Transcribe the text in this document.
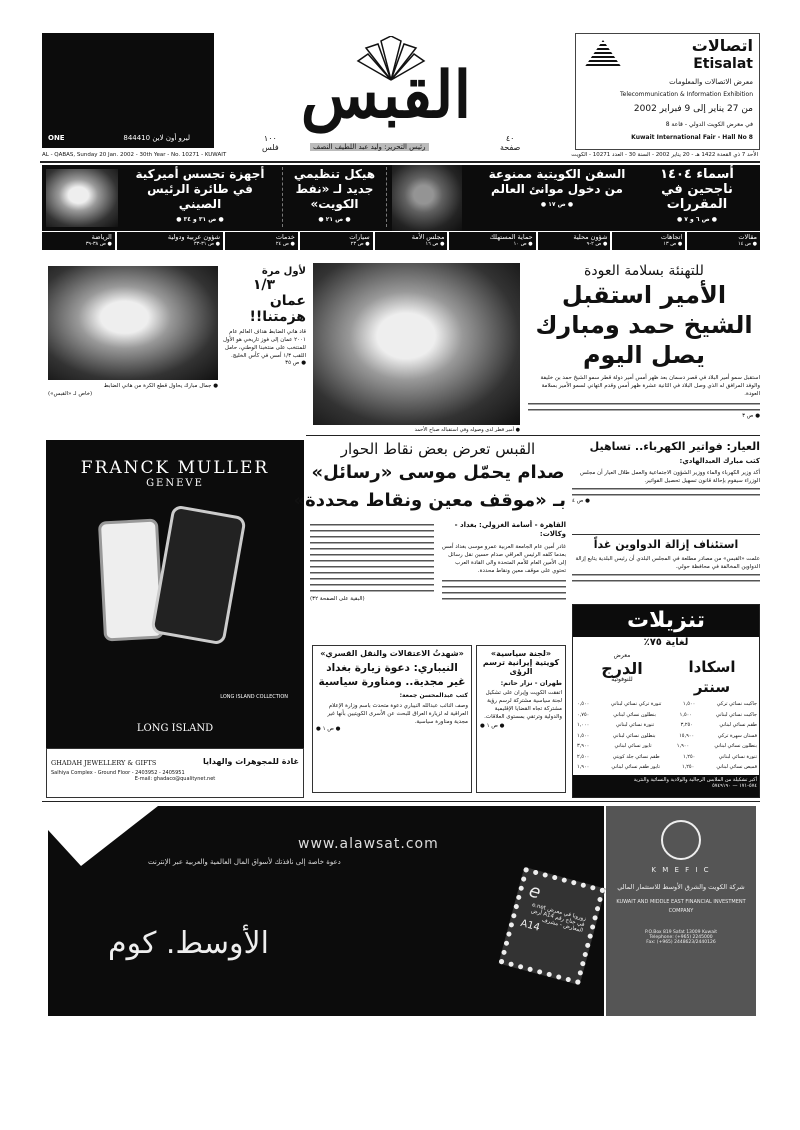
ONE	ليرو أون لاين 844410
القبس
١٠٠
فلس
٤٠
صفحة
رئيس التحرير: وليد عبد اللطيف النصف
اتصالات
Etisalat
معرض الاتصالات والمعلومات
Telecommunication & Information Exhibition
من 27 يناير إلى 9 فبراير 2002
في معرض الكويت الدولي - قاعة 8
Kuwait International Fair - Hall No 8
AL - QABAS, Sunday 20 Jan. 2002 - 30th Year - No. 10271 - KUWAIT	الأحد 7 ذي القعدة 1422 هـ - 20 يناير 2002 - السنة 30 - العدد 10271 - الكويت
أسماء ١٤٠٤ ناجحين في المقررات
● ص ٦ و ٧ ●
السفن الكويتية ممنوعة من دخول موانئ العالم
● ص ١٧ ●
هيكل تنظيمي جديد لـ «نفط الكويت»
● ص ٢١ ●
أجهزة تجسس أميركية في طائرة الرئيس الصيني
● ص ٣١ و ٣٤ ●
مقالات
● ص ١٤
اتجاهات
● ص ١٣
شؤون محلية
● ص ٢-٩
حماية المستهلك
● ص ١٠
مجلس الأمة
● ص ١٦
سيارات
● ص ٢٣
خدمات
● ص ٢٤
شؤون عربية ودولية
● ص ٣١-٣٣
الرياضة
● ص ٣٨-٣٩
● جمال مبارك يحاول قطع الكرة من هاني الضابط
(خاص لـ «القبس»)
لأول مرة
١/٣
عمان هزمتنا!!
قاد هاني الضابط هداف العالم عام ٢٠٠١ عمان إلى فوز تاريخي هو الأول للمنتخب على منتخبنا الوطني، حامل اللقب ١/٣ أمس في كأس الخليج.
● ص ٣٥
● أمير قطر لدى وصوله وفي استقباله صباح الأحمد
للتهنئة بسلامة العودة
الأمير استقبل الشيخ حمد ومبارك يصل اليوم
استقبل سمو أمير البلاد في قصر دسمان بعد ظهر أمس أمير دولة قطر سمو الشيخ حمد بن خليفة والوفد المرافق له الذي وصل البلاد في الثانية عشرة ظهر أمس وقدم التهاني لسمو الأمير بسلامة العودة.
● ص ٣
FRANCK MULLER
GENEVE
LONG ISLAND COLLECTION
LONG ISLAND
GHADAH JEWELLERY & GIFTS	غادة للمجوهرات والهدايا
Salhiya Complex - Ground Floor - 2403952 - 2405951
E-mail: ghadaco@qualitynet.net
القبس تعرض بعض نقاط الحوار
صدام يحمّل موسى «رسائل»
بـ «موقف معين ونقاط محددة»
القاهرة - أسامة الغزولي: بغداد - وكالات:
غادر أمين عام الجامعة العربية عمرو موسى بغداد أمس بعدما كلفه الرئيس العراقي صدام حسين نقل رسائل إلى الأمين العام للأمم المتحدة والى القادة العرب تحتوي على موقف معين ونقاط محددة.
(البقية على الصفحة ٣٢)
«شهدتُ الاعتقالات والنقل القسري»
النيباري: دعوة زيارة بغداد غير مجدية.. ومناورة سياسية
كتب عبدالمحسن جمعة:
وصف النائب عبدالله النيباري دعوة متحدث باسم وزارة الإعلام العراقية له لزيارة العراق للبحث عن الأسرى الكويتيين بأنها غير مجدية ومناورة سياسية.
● ص ١ ●
«لجنة سياسية» كويتية إيرانية ترسم الرؤى
طهران - نزار حاتم:
اتفقت الكويت وإيران على تشكيل لجنة سياسية مشتركة لرسم رؤية مشتركة تجاه القضايا الإقليمية والدولية وترتقي بمستوى العلاقات.
● ص ١ ●
العيار: فواتير الكهرباء.. تساهيل
كتب مبارك العبدالهادي:
أكد وزير الكهرباء والماء ووزير الشؤون الاجتماعية والعمل طلال العيار أن مجلس الوزراء سيقوم بإحالة قانون تسهيل تحصيل الفواتير.
● ص ٤
استئناف إزالة الدواوين غداً
علمت «القبس» من مصادر مطلعة في المجلس البلدي أن رئيس البلدية يتابع إزالة الدواوين المخالفة في محافظة حولي.
تنزيلات
لغاية ٧٥٪
اسكادا سنتر
معرض
الدرج
للنوفوتيه
جاكيت نسائي تركي
١,٥٠٠
تنورة تركي نسائي لبناني
٠,٥٠٠
جاكيت نسائي لبناني
١,٥٠٠
بنطلون نسائي لبناني
٠,٧٥٠
طقم نسائي لبناني
٣,٢٥٠
تنورة نسائي لبناني
١,٠٠٠
فستان سهرة تركي
١٥,٩٠٠
بنطلون نسائي لبناني
١,٥٠٠
بنطلون نسائي لبناني
١,٩٠٠
تايور نسائي لبناني
٣,٩٠٠
تنورة نسائي لبناني
١,٢٥٠
طقم نسائي جلد كويتي
٢,٥٠٠
قميص نسائي لبناني
١,٢٥٠
تايور طقم نسائي لبناني
١,٩٠٠
أكبر تشكيلة من الملابس الرجالية والولادية والنسائية والنثرية
٥٧٤-١٧١ — ٥٧٤٩١٩٠
www.alawsat.com
دعوة خاصة إلى نافذتك لأسواق المال العالمية والعربية عبر الإنترنت
الأوسط. كوم
e
زورونا في معرض e.net في جناح رقم A14 أرض المعارض - مشرف
A14
K M E F I C
شركة الكويت والشرق الأوسط للاستثمار المالي
KUWAIT AND MIDDLE EAST FINANCIAL INVESTMENT COMPANY
P.O.Box 819 Safat 13009 Kuwait
Telephone: (+965) 2245000
Fax: (+965) 2448623/2440126
